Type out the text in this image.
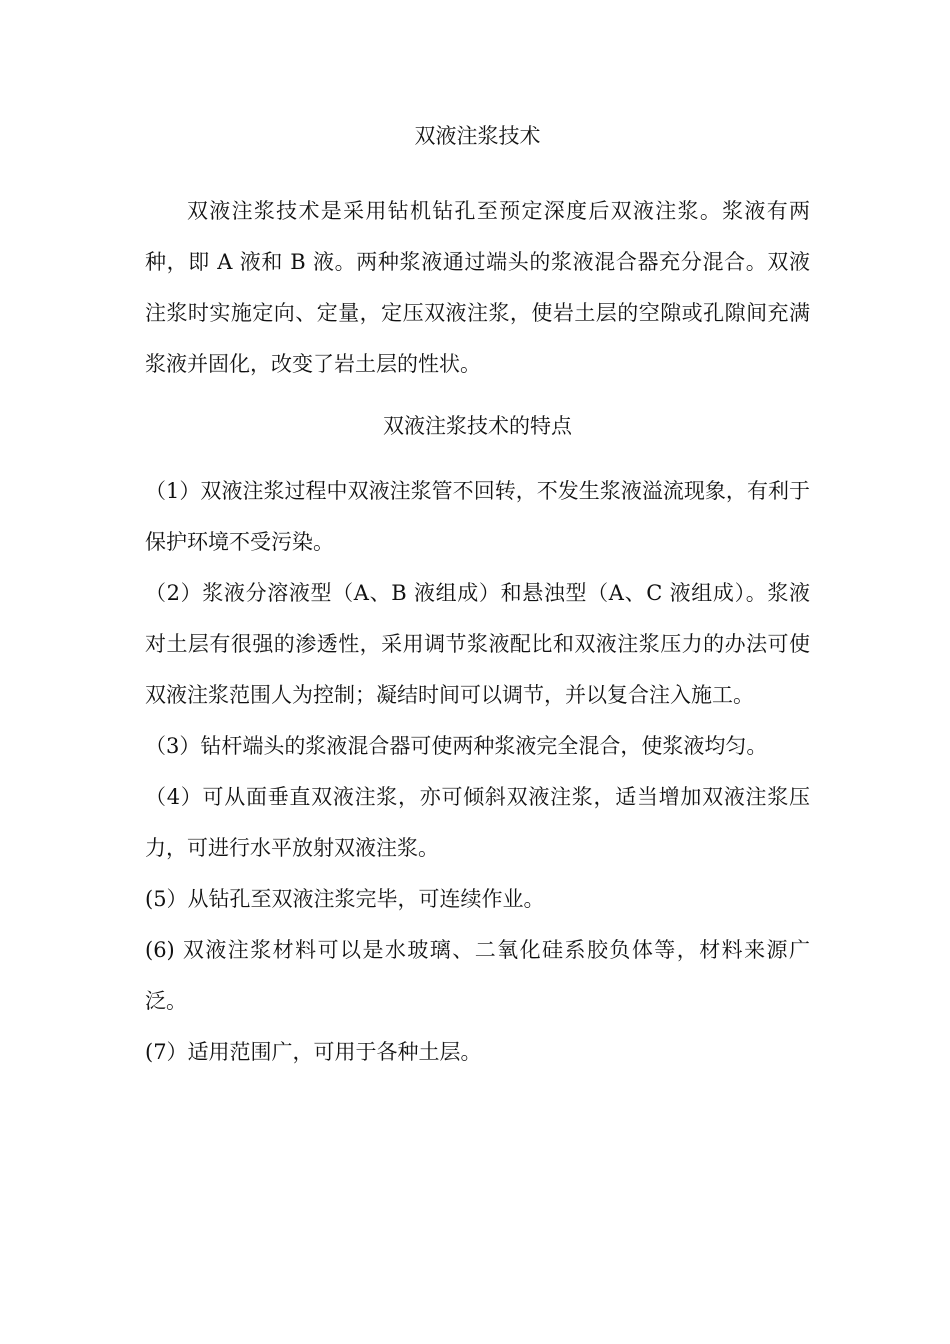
双液注浆技术

双液注浆技术是采用钻机钻孔至预定深度后双液注浆。浆液有两种，即 A 液和 B 液。两种浆液通过端头的浆液混合器充分混合。双液注浆时实施定向、定量，定压双液注浆，使岩土层的空隙或孔隙间充满浆液并固化，改变了岩土层的性状。

双液注浆技术的特点
（1）双液注浆过程中双液注浆管不回转，不发生浆液溢流现象，有利于保护环境不受污染。
（2）浆液分溶液型（A、B 液组成）和悬浊型（A、C 液组成）。浆液对土层有很强的渗透性，采用调节浆液配比和双液注浆压力的办法可使双液注浆范围人为控制；凝结时间可以调节，并以复合注入施工。
（3）钻杆端头的浆液混合器可使两种浆液完全混合，使浆液均匀。
（4）可从面垂直双液注浆，亦可倾斜双液注浆，适当增加双液注浆压力，可进行水平放射双液注浆。
(5）从钻孔至双液注浆完毕，可连续作业。
(6) 双液注浆材料可以是水玻璃、二氧化硅系胶负体等，材料来源广泛。
(7）适用范围广，可用于各种土层。
